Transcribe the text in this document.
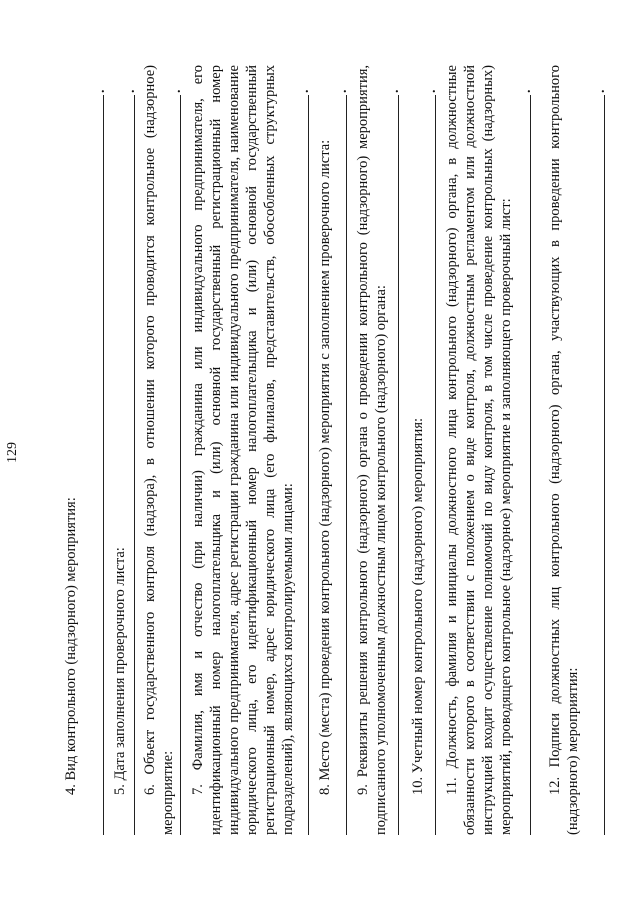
129

4. Вид контрольного (надзорного) мероприятия:

.

5. Дата заполнения проверочного листа:

. 6. Объект государственного контроля (надзора), в отношении которого проводится контрольное (надзорное) мероприятие:

. 7. Фамилия, имя и отчество (при наличии) гражданина или индивидуального предпринимателя, его идентификационный номер налогоплательщика и (или) основной государственный регистрационный номер индивидуального предпринимателя, адрес регистрации гражданина или индивидуального предпринимателя, наименование юридического лица, его идентификационный номер налогоплательщика и (или) основной государственный регистрационный номер, адрес юридического лица (его филиалов, представительств, обособленных структурных подразделений), являющихся контролируемыми лицами:

.

8. Место (места) проведения контрольного (надзорного) мероприятия с заполнением проверочного листа:

. 9. Реквизиты решения контрольного (надзорного) органа о проведении контрольного (надзорного) мероприятия, подписанного уполномоченным должностным лицом контрольного (надзорного) органа:

.

10. Учетный номер контрольного (надзорного) мероприятия:

. 11. Должность, фамилия и инициалы должностного лица контрольного (надзорного) органа, в должностные обязанности которого в соответствии с положением о виде контроля, должностным регламентом или должностной инструкцией входит осуществление полномочий по виду контроля, в том числе проведение контрольных (надзорных) мероприятий, проводящего контрольное (надзорное) мероприятие и заполняющего проверочный лист:

. 12. Подписи должностных лиц контрольного (надзорного) органа, участвующих в проведении контрольного (надзорного) мероприятия:

.
